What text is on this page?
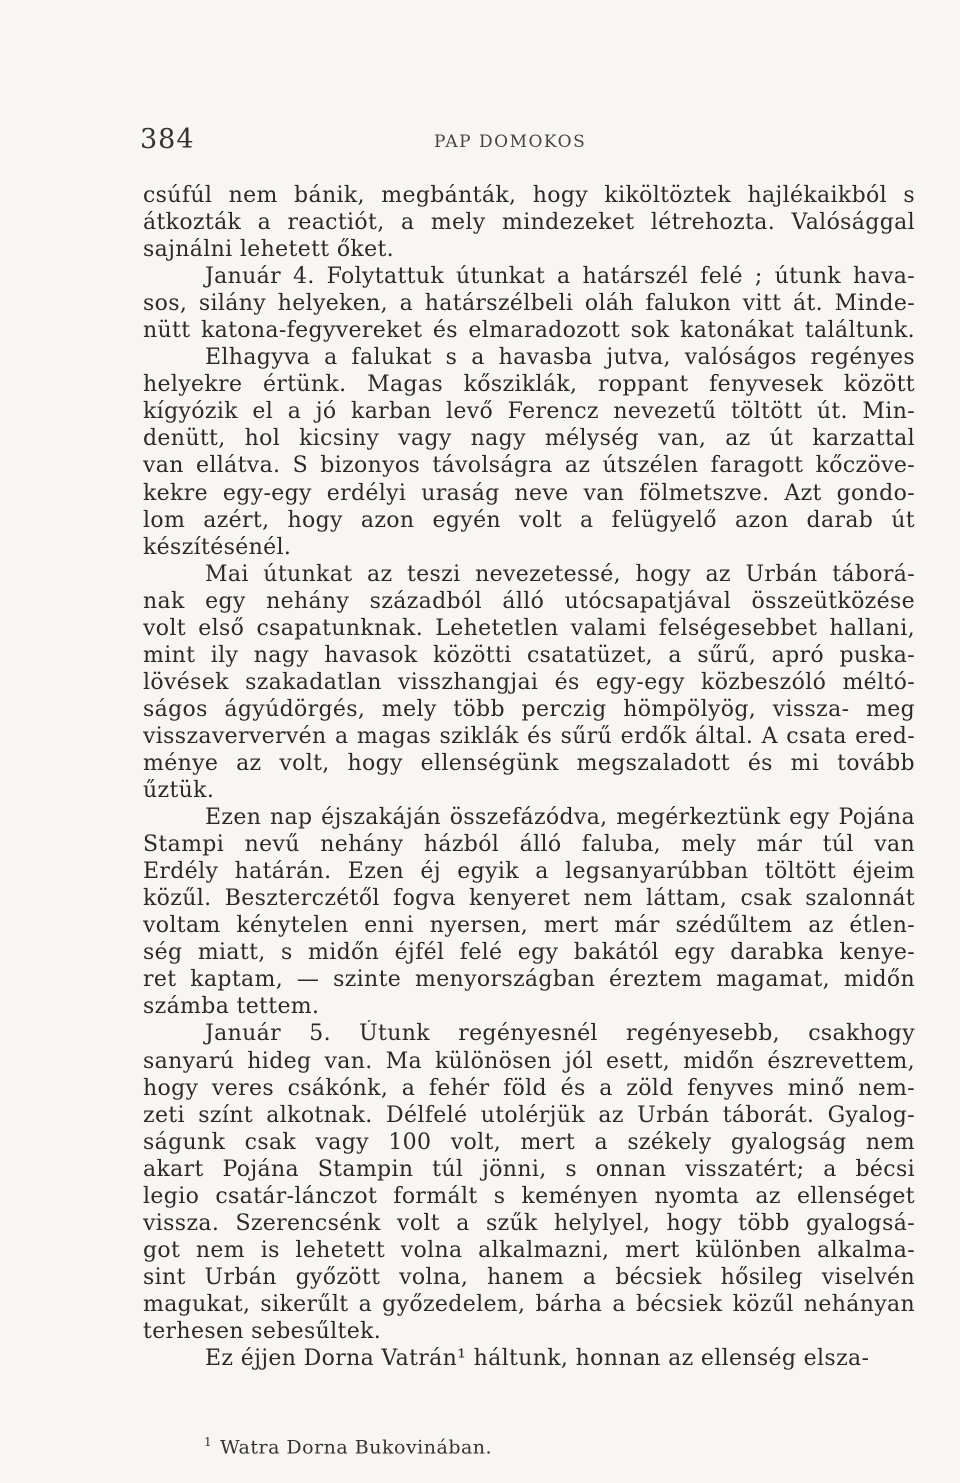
384	PAP DOMOKOS
csúfúl nem bánik, megbánták, hogy kiköltöztek hajlékaikból s
átkozták a reactiót, a mely mindezeket létrehozta. Valósággal
sajnálni lehetett őket.
Január 4. Folytattuk útunkat a határszél felé ; útunk hava-
sos, silány helyeken, a határszélbeli oláh falukon vitt át. Minde-
nütt katona-fegyvereket és elmaradozott sok katonákat találtunk.
Elhagyva a falukat s a havasba jutva, valóságos regényes
helyekre értünk. Magas kősziklák, roppant fenyvesek között
kígyózik el a jó karban levő Ferencz nevezetű töltött út. Min-
denütt, hol kicsiny vagy nagy mélység van, az út karzattal
van ellátva. S bizonyos távolságra az útszélen faragott kőczöve-
kekre egy-egy erdélyi uraság neve van fölmetszve. Azt gondo-
lom azért, hogy azon egyén volt a felügyelő azon darab út
készítésénél.
Mai útunkat az teszi nevezetessé, hogy az Urbán táborá-
nak egy nehány századból álló utócsapatjával összeütközése
volt első csapatunknak. Lehetetlen valami felségesebbet hallani,
mint ily nagy havasok közötti csatatüzet, a sűrű, apró puska-
lövések szakadatlan visszhangjai és egy-egy közbeszóló méltó-
ságos ágyúdörgés, mely több perczig hömpölyög, vissza- meg
visszaververvén a magas sziklák és sűrű erdők által. A csata ered-
ménye az volt, hogy ellenségünk megszaladott és mi tovább
űztük.
Ezen nap éjszakáján összefázódva, megérkeztünk egy Pojána
Stampi nevű nehány házból álló faluba, mely már túl van
Erdély határán. Ezen éj egyik a legsanyarúbban töltött éjeim
közűl. Beszterczétől fogva kenyeret nem láttam, csak szalonnát
voltam kénytelen enni nyersen, mert már szédűltem az étlen-
ség miatt, s midőn éjfél felé egy bakától egy darabka kenye-
ret kaptam, — szinte menyországban éreztem magamat, midőn
számba tettem.
Január 5. Útunk regényesnél regényesebb, csakhogy
sanyarú hideg van. Ma különösen jól esett, midőn észrevettem,
hogy veres csákónk, a fehér föld és a zöld fenyves minő nem-
zeti színt alkotnak. Délfelé utolérjük az Urbán táborát. Gyalog-
ságunk csak vagy 100 volt, mert a székely gyalogság nem
akart Pojána Stampin túl jönni, s onnan visszatért; a bécsi
legio csatár-lánczot formált s keményen nyomta az ellenséget
vissza. Szerencsénk volt a szűk helylyel, hogy több gyalogsá-
got nem is lehetett volna alkalmazni, mert különben alkalma-
sint Urbán győzött volna, hanem a bécsiek hősileg viselvén
magukat, sikerűlt a győzedelem, bárha a bécsiek közűl nehányan
terhesen sebesűltek.
Ez éjjen Dorna Vatrán¹ háltunk, honnan az ellenség elsza-
$^1$ Watra Dorna Bukovinában.
